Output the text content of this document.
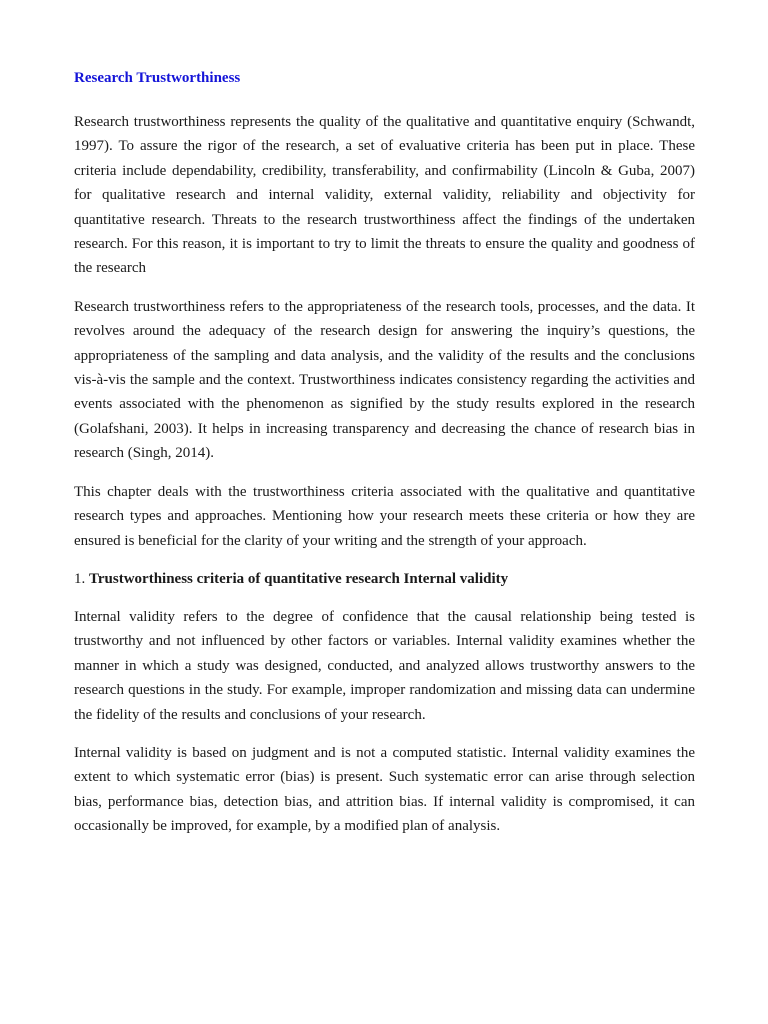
Research Trustworthiness

Research trustworthiness represents the quality of the qualitative and quantitative enquiry (Schwandt, 1997). To assure the rigor of the research, a set of evaluative criteria has been put in place. These criteria include dependability, credibility, transferability, and confirmability (Lincoln & Guba, 2007) for qualitative research and internal validity, external validity, reliability and objectivity for quantitative research. Threats to the research trustworthiness affect the findings of the undertaken research. For this reason, it is important to try to limit the threats to ensure the quality and goodness of the research

Research trustworthiness refers to the appropriateness of the research tools, processes, and the data. It revolves around the adequacy of the research design for answering the inquiry’s questions, the appropriateness of the sampling and data analysis, and the validity of the results and the conclusions vis-à-vis the sample and the context. Trustworthiness indicates consistency regarding the activities and events associated with the phenomenon as signified by the study results explored in the research (Golafshani, 2003). It helps in increasing transparency and decreasing the chance of research bias in research (Singh, 2014).

This chapter deals with the trustworthiness criteria associated with the qualitative and quantitative research types and approaches. Mentioning how your research meets these criteria or how they are ensured is beneficial for the clarity of your writing and the strength of your approach.

1. Trustworthiness criteria of quantitative research Internal validity

Internal validity refers to the degree of confidence that the causal relationship being tested is trustworthy and not influenced by other factors or variables. Internal validity examines whether the manner in which a study was designed, conducted, and analyzed allows trustworthy answers to the research questions in the study. For example, improper randomization and missing data can undermine the fidelity of the results and conclusions of your research.

Internal validity is based on judgment and is not a computed statistic. Internal validity examines the extent to which systematic error (bias) is present. Such systematic error can arise through selection bias, performance bias, detection bias, and attrition bias. If internal validity is compromised, it can occasionally be improved, for example, by a modified plan of analysis.
